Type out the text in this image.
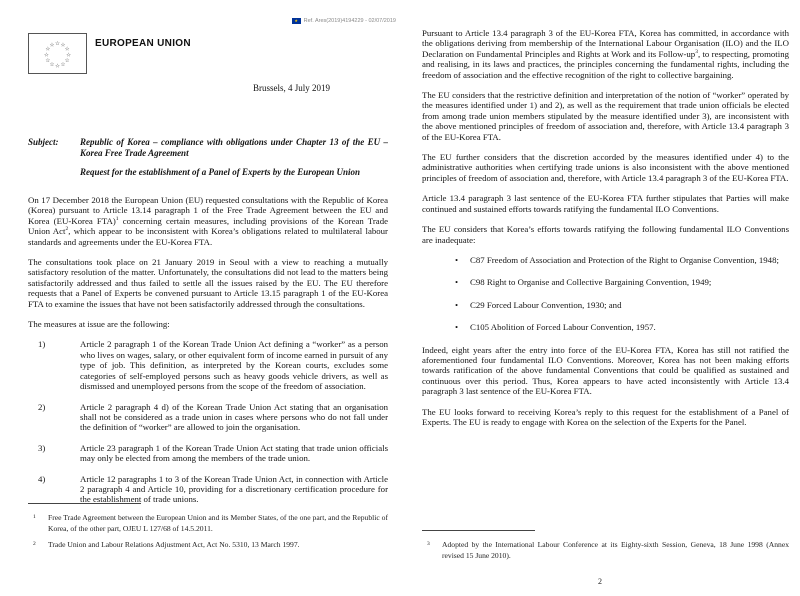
★	Ref. Ares(2019)4194229 - 02/07/2019
☆ ☆
☆
☆
☆
☆
☆
☆
☆
☆
☆
☆	EUROPEAN UNION
Brussels, 4 July 2019
Subject:	Republic of Korea – compliance with obligations under Chapter 13 of the EU – Korea Free Trade Agreement
Request for the establishment of a Panel of Experts by the European Union

On 17 December 2018 the European Union (EU) requested consultations with the Republic of Korea (Korea) pursuant to Article 13.14 paragraph 1 of the Free Trade Agreement between the EU and Korea (EU-Korea FTA)$^1$ concerning certain measures, including provisions of the Korean Trade Union Act$^2$, which appear to be inconsistent with Korea’s obligations related to multilateral labour standards and agreements under the EU-Korea FTA.

The consultations took place on 21 January 2019 in Seoul with a view to reaching a mutually satisfactory resolution of the matter. Unfortunately, the consultations did not lead to the matters being satisfactorily addressed and thus failed to settle all the issues raised by the EU. The EU therefore requests that a Panel of Experts be convened pursuant to Article 13.15 paragraph 1 of the EU-Korea FTA to examine the issues that have not been satisfactorily addressed through the consultations.

The measures at issue are the following:

1)	Article 2 paragraph 1 of the Korean Trade Union Act defining a “worker” as a person who lives on wages, salary, or other equivalent form of income earned in pursuit of any type of job. This definition, as interpreted by the Korean courts, excludes some categories of self-employed persons such as heavy goods vehicle drivers, as well as dismissed and unemployed persons from the scope of the freedom of association.
2)	Article 2 paragraph 4 d) of the Korean Trade Union Act stating that an organisation shall not be considered as a trade union in cases where persons who do not fall under the definition of “worker” are allowed to join the organisation.
3)	Article 23 paragraph 1 of the Korean Trade Union Act stating that trade union officials may only be elected from among the members of the trade union.
4)	Article 12 paragraphs 1 to 3 of the Korean Trade Union Act, in connection with Article 2 paragraph 4 and Article 10, providing for a discretionary certification procedure for the establishment of trade unions.
1	Free Trade Agreement between the European Union and its Member States, of the one part, and the Republic of Korea, of the other part, OJEU L 127/68 of 14.5.2011.
2	Trade Union and Labour Relations Adjustment Act, Act No. 5310, 13 March 1997.

Pursuant to Article 13.4 paragraph 3 of the EU-Korea FTA, Korea has committed, in accordance with the obligations deriving from membership of the International Labour Organisation (ILO) and the ILO Declaration on Fundamental Principles and Rights at Work and its Follow-up$^3$, to respecting, promoting and realising, in its laws and practices, the principles concerning the fundamental rights, including the freedom of association and the effective recognition of the right to collective bargaining.

The EU considers that the restrictive definition and interpretation of the notion of “worker” operated by the measures identified under 1) and 2), as well as the requirement that trade union officials be elected from among trade union members stipulated by the measure identified under 3), are inconsistent with the above mentioned principles of freedom of association and, therefore, with Article 13.4 paragraph 3 of the EU-Korea FTA.

The EU further considers that the discretion accorded by the measures identified under 4) to the administrative authorities when certifying trade unions is also inconsistent with the above mentioned principles of freedom of association and, therefore, with Article 13.4 paragraph 3 of the EU-Korea FTA.

Article 13.4 paragraph 3 last sentence of the EU-Korea FTA further stipulates that Parties will make continued and sustained efforts towards ratifying the fundamental ILO Conventions.

The EU considers that Korea’s efforts towards ratifying the following fundamental ILO Conventions are inadequate:

•	C87 Freedom of Association and Protection of the Right to Organise Convention, 1948;
•	C98 Right to Organise and Collective Bargaining Convention, 1949;
•	C29 Forced Labour Convention, 1930; and
•	C105 Abolition of Forced Labour Convention, 1957.

Indeed, eight years after the entry into force of the EU-Korea FTA, Korea has still not ratified the aforementioned four fundamental ILO Conventions. Moreover, Korea has not been making efforts towards ratification of the above fundamental Conventions that could be qualified as sustained and continuous over this period. Thus, Korea appears to have acted inconsistently with Article 13.4 paragraph 3 last sentence of the EU-Korea FTA.

The EU looks forward to receiving Korea’s reply to this request for the establishment of a Panel of Experts. The EU is ready to engage with Korea on the selection of the Experts for the Panel.

3	Adopted by the International Labour Conference at its Eighty-sixth Session, Geneva, 18 June 1998 (Annex revised 15 June 2010).
2
